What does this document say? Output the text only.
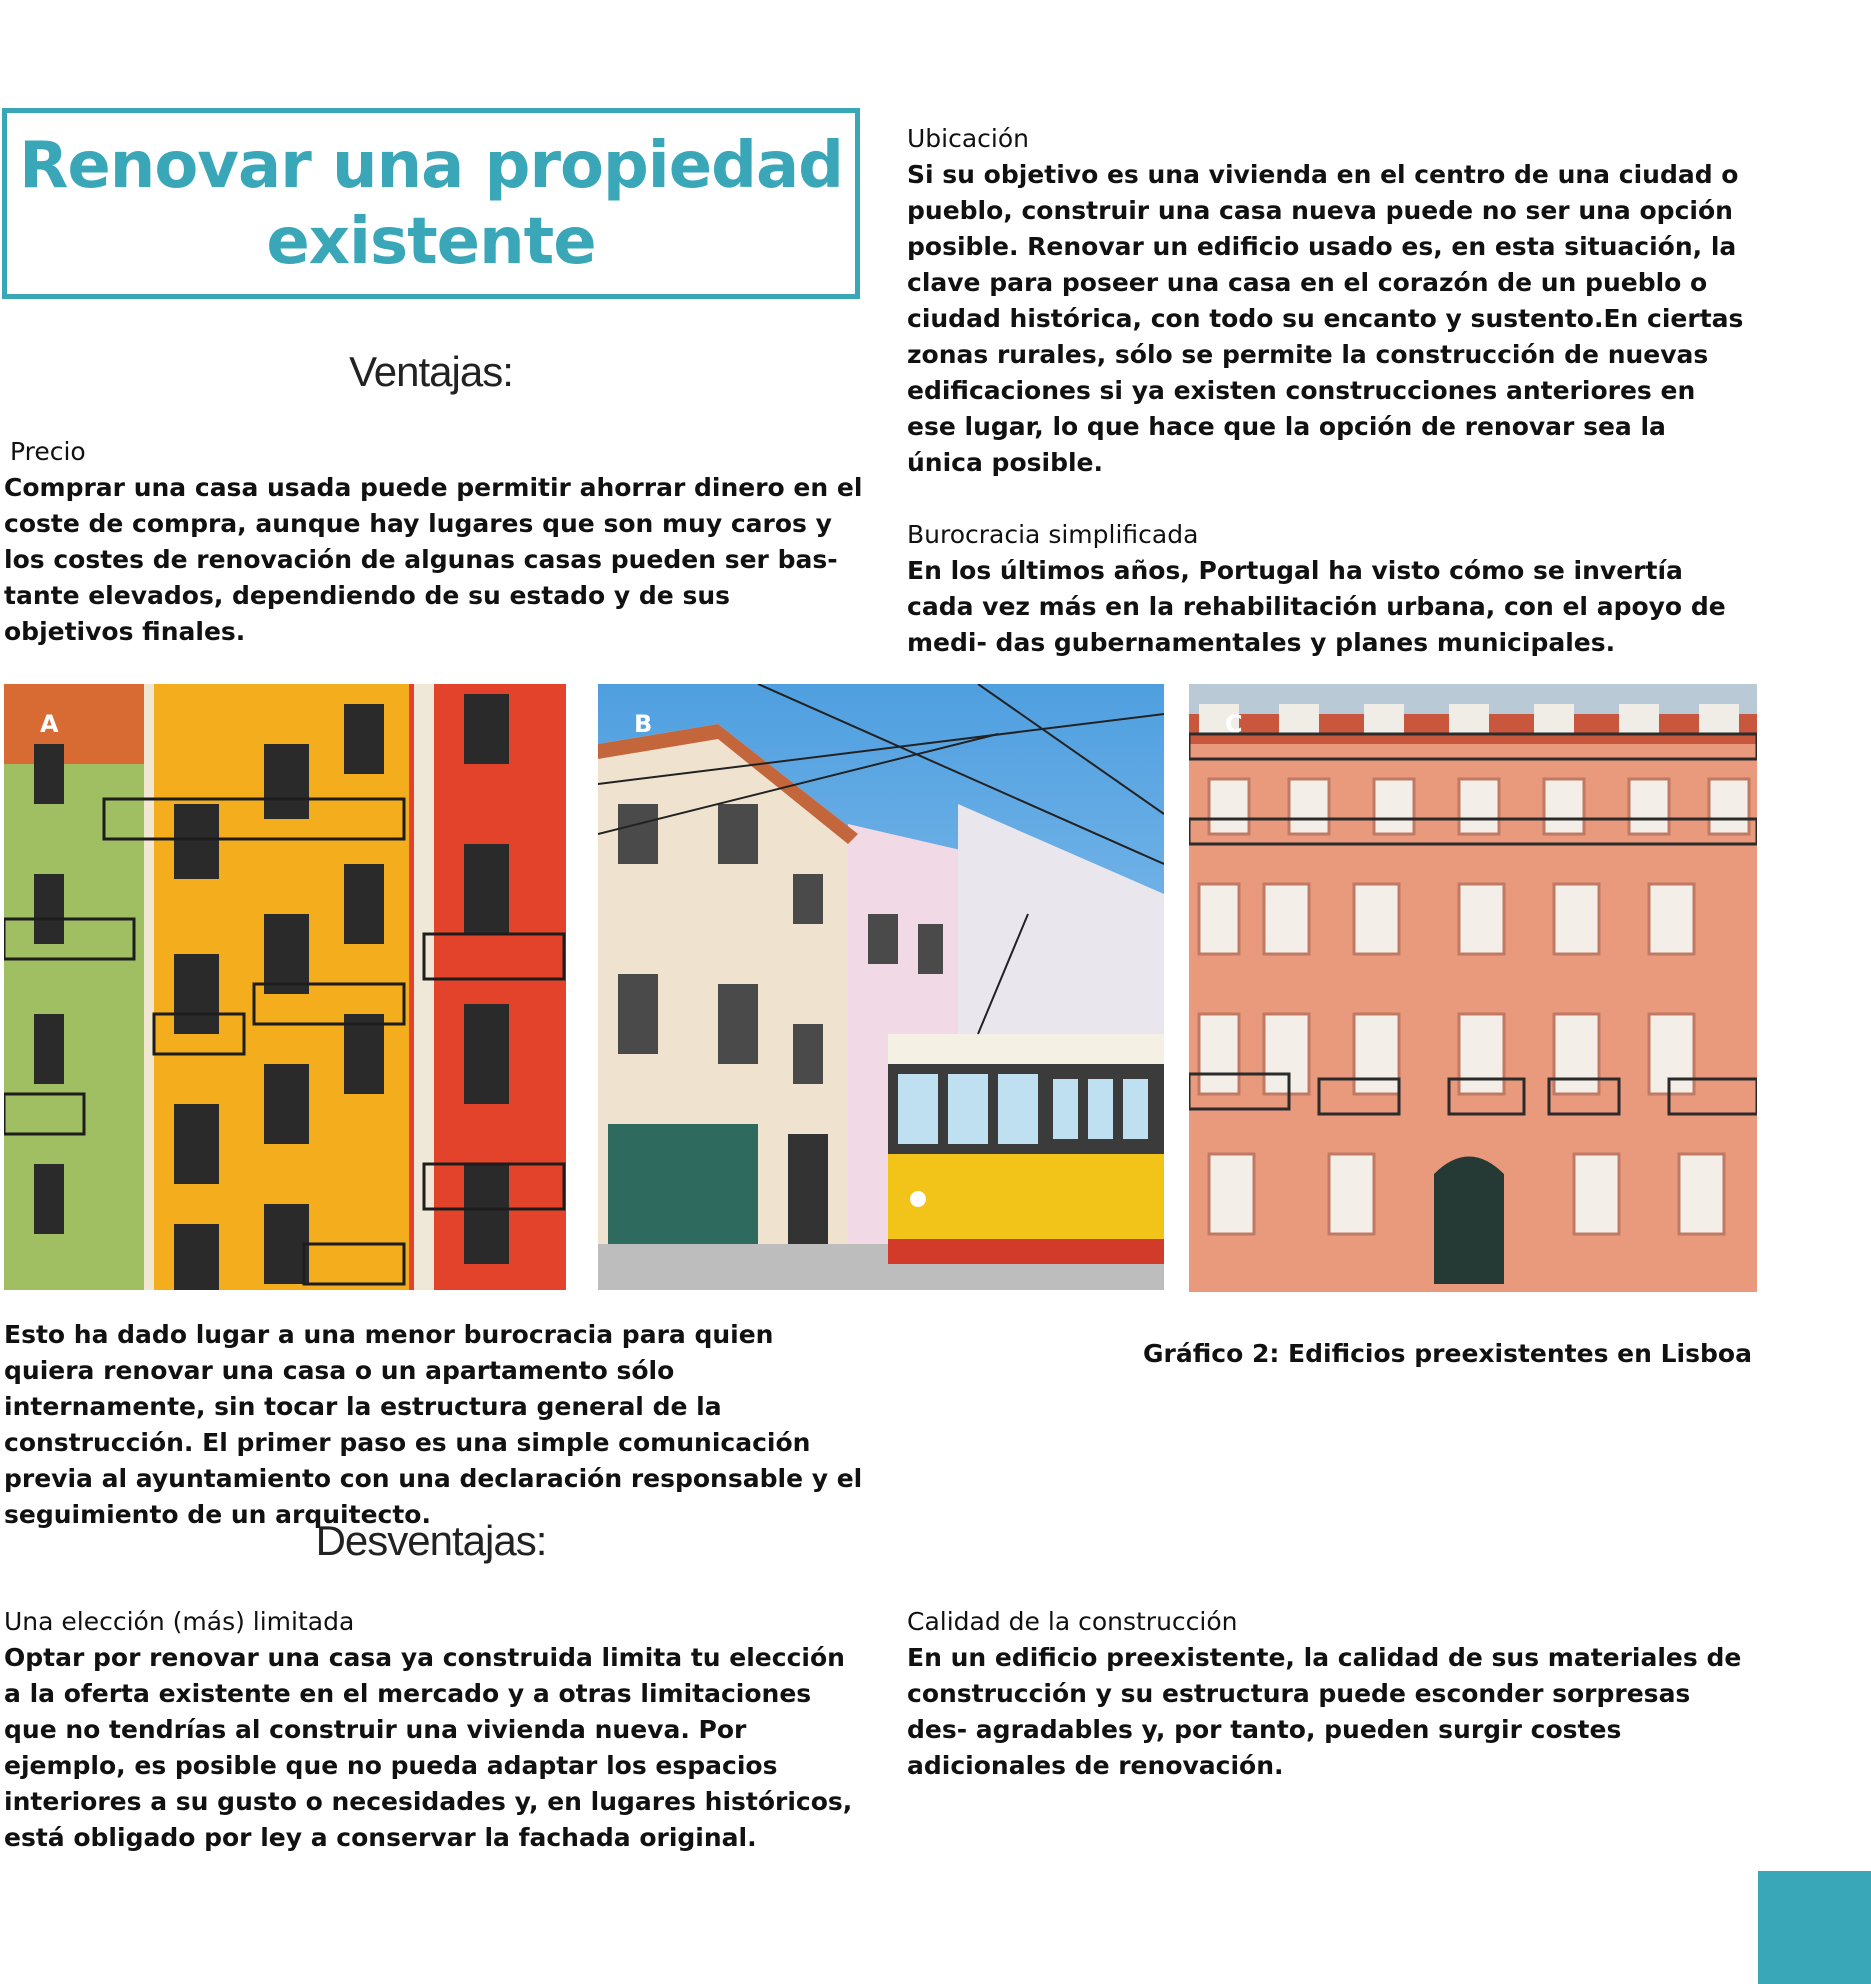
Renovar una propiedad
existente
Ventajas:
Precio
Comprar una casa usada puede permitir ahorrar dinero en el coste de compra, aunque hay lugares que son muy caros y los costes de renovación de algunas casas pueden ser bas- tante elevados, dependiendo de su estado y de sus objetivos finales.
Ubicación
Si su objetivo es una vivienda en el centro de una ciudad o pueblo, construir una casa nueva puede no ser una opción posible. Renovar un edificio usado es, en esta situación, la clave para poseer una casa en el corazón de un pueblo o ciudad histórica, con todo su encanto y sustento.En ciertas zonas rurales, sólo se permite la construcción de nuevas edificaciones si ya existen construcciones anteriores en ese lugar, lo que hace que la opción de renovar sea la única posible.
Burocracia simplificada
En los últimos años, Portugal ha visto cómo se invertía cada vez más en la rehabilitación urbana, con el apoyo de medi- das gubernamentales y planes municipales.
A	B	C
Esto ha dado lugar a una menor burocracia para quien quiera renovar una casa o un apartamento sólo internamente, sin tocar la estructura general de la construcción. El primer paso es una simple comunicación previa al ayuntamiento con una declaración responsable y el seguimiento de un arquitecto.
Gráfico 2: Edificios preexistentes en Lisboa
Desventajas:
Una elección (más) limitada
Optar por renovar una casa ya construida limita tu elección a la oferta existente en el mercado y a otras limitaciones que no tendrías al construir una vivienda nueva. Por ejemplo, es posible que no pueda adaptar los espacios interiores a su gusto o necesidades y, en lugares históricos, está obligado por ley a conservar la fachada original.
Calidad de la construcción
En un edificio preexistente, la calidad de sus materiales de construcción y su estructura puede esconder sorpresas des- agradables y, por tanto, pueden surgir costes adicionales de renovación.
